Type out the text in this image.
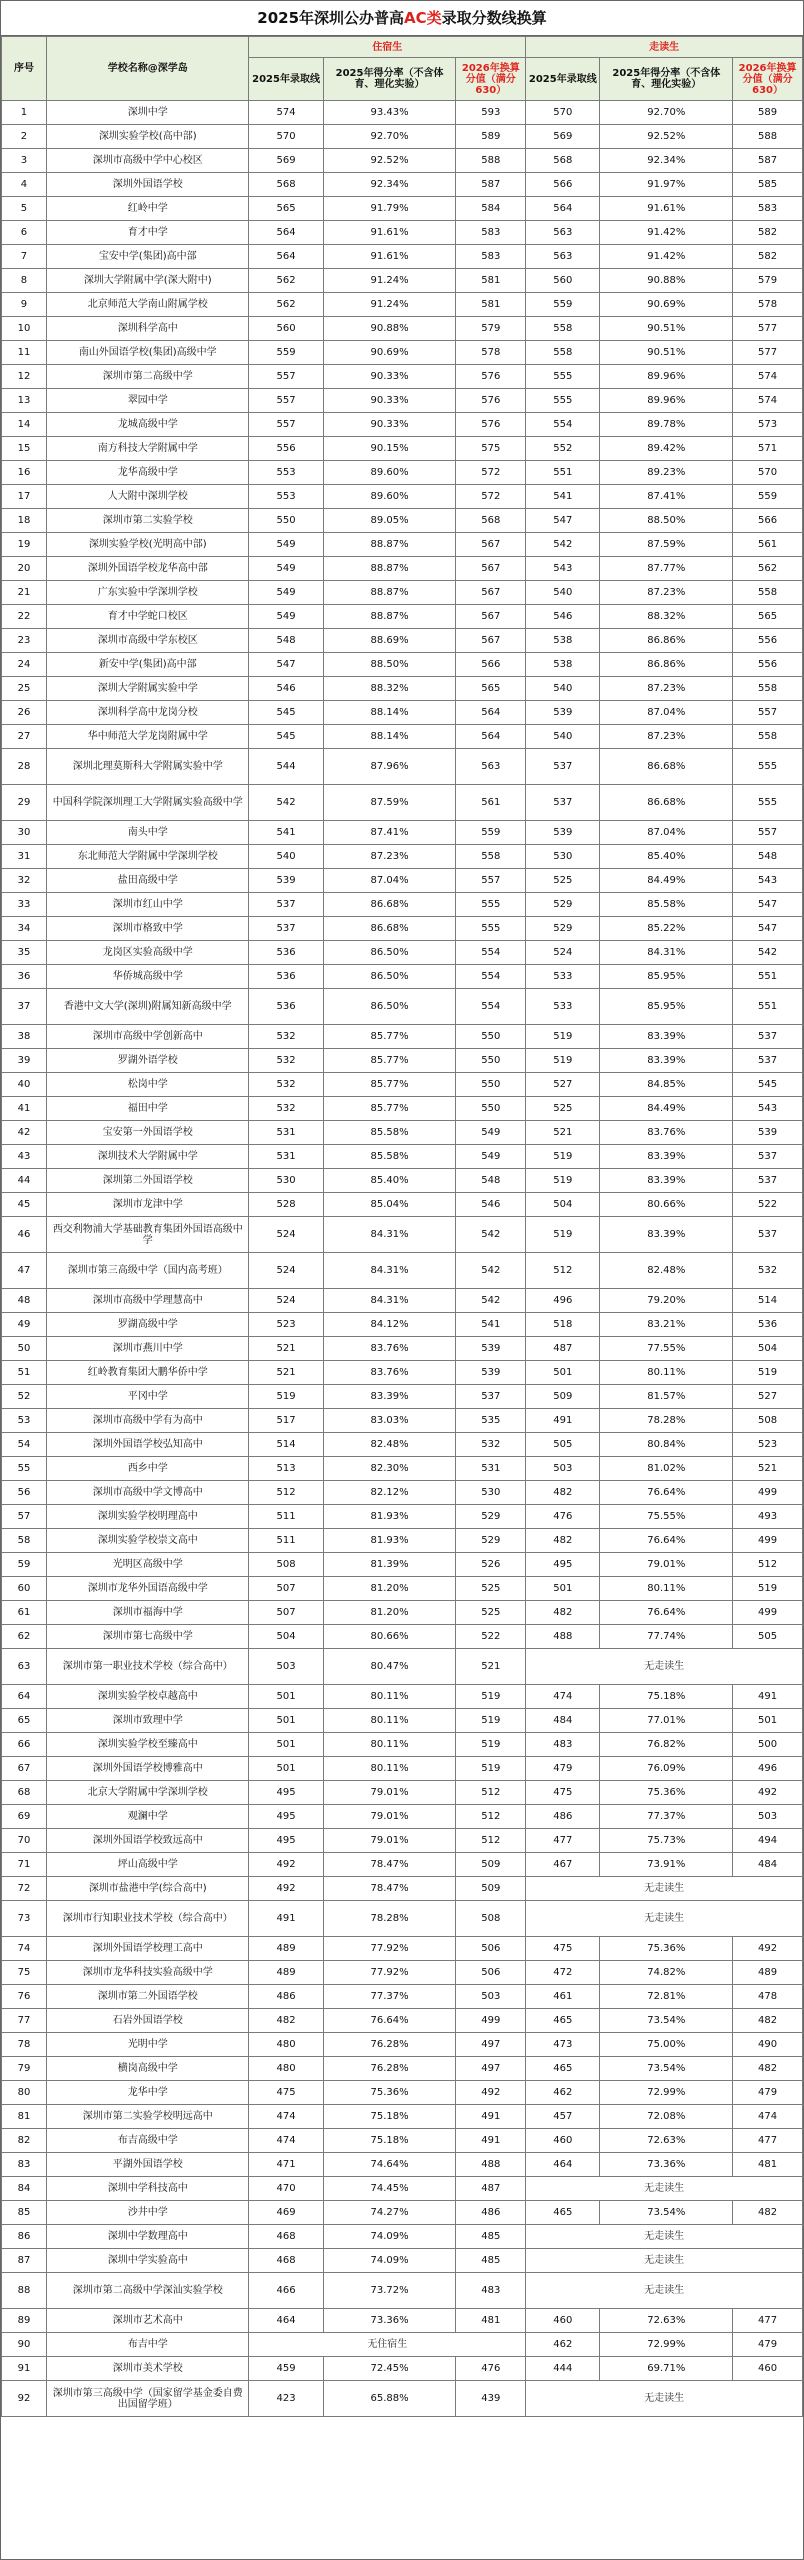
2025年深圳公办普高AC类录取分数线换算
序号	学校名称@深学岛	住宿生			走读生		
		2025年录取线	2025年得分率（不含体育、理化实验）	2026年换算分值（满分630）	2025年录取线	2025年得分率（不含体育、理化实验）	2026年换算分值（满分630）
1	深圳中学	574	93.43%	593	570	92.70%	589
2	深圳实验学校(高中部)	570	92.70%	589	569	92.52%	588
3	深圳市高级中学中心校区	569	92.52%	588	568	92.34%	587
4	深圳外国语学校	568	92.34%	587	566	91.97%	585
5	红岭中学	565	91.79%	584	564	91.61%	583
6	育才中学	564	91.61%	583	563	91.42%	582
7	宝安中学(集团)高中部	564	91.61%	583	563	91.42%	582
8	深圳大学附属中学(深大附中)	562	91.24%	581	560	90.88%	579
9	北京师范大学南山附属学校	562	91.24%	581	559	90.69%	578
10	深圳科学高中	560	90.88%	579	558	90.51%	577
11	南山外国语学校(集团)高级中学	559	90.69%	578	558	90.51%	577
12	深圳市第二高级中学	557	90.33%	576	555	89.96%	574
13	翠园中学	557	90.33%	576	555	89.96%	574
14	龙城高级中学	557	90.33%	576	554	89.78%	573
15	南方科技大学附属中学	556	90.15%	575	552	89.42%	571
16	龙华高级中学	553	89.60%	572	551	89.23%	570
17	人大附中深圳学校	553	89.60%	572	541	87.41%	559
18	深圳市第二实验学校	550	89.05%	568	547	88.50%	566
19	深圳实验学校(光明高中部)	549	88.87%	567	542	87.59%	561
20	深圳外国语学校龙华高中部	549	88.87%	567	543	87.77%	562
21	广东实验中学深圳学校	549	88.87%	567	540	87.23%	558
22	育才中学蛇口校区	549	88.87%	567	546	88.32%	565
23	深圳市高级中学东校区	548	88.69%	567	538	86.86%	556
24	新安中学(集团)高中部	547	88.50%	566	538	86.86%	556
25	深圳大学附属实验中学	546	88.32%	565	540	87.23%	558
26	深圳科学高中龙岗分校	545	88.14%	564	539	87.04%	557
27	华中师范大学龙岗附属中学	545	88.14%	564	540	87.23%	558
28	深圳北理莫斯科大学附属实验中学	544	87.96%	563	537	86.68%	555
29	中国科学院深圳理工大学附属实验高级中学	542	87.59%	561	537	86.68%	555
30	南头中学	541	87.41%	559	539	87.04%	557
31	东北师范大学附属中学深圳学校	540	87.23%	558	530	85.40%	548
32	盐田高级中学	539	87.04%	557	525	84.49%	543
33	深圳市红山中学	537	86.68%	555	529	85.58%	547
34	深圳市格致中学	537	86.68%	555	529	85.22%	547
35	龙岗区实验高级中学	536	86.50%	554	524	84.31%	542
36	华侨城高级中学	536	86.50%	554	533	85.95%	551
37	香港中文大学(深圳)附属知新高级中学	536	86.50%	554	533	85.95%	551
38	深圳市高级中学创新高中	532	85.77%	550	519	83.39%	537
39	罗湖外语学校	532	85.77%	550	519	83.39%	537
40	松岗中学	532	85.77%	550	527	84.85%	545
41	福田中学	532	85.77%	550	525	84.49%	543
42	宝安第一外国语学校	531	85.58%	549	521	83.76%	539
43	深圳技术大学附属中学	531	85.58%	549	519	83.39%	537
44	深圳第二外国语学校	530	85.40%	548	519	83.39%	537
45	深圳市龙津中学	528	85.04%	546	504	80.66%	522
46	西交利物浦大学基础教育集团外国语高级中学	524	84.31%	542	519	83.39%	537
47	深圳市第三高级中学（国内高考班）	524	84.31%	542	512	82.48%	532
48	深圳市高级中学理慧高中	524	84.31%	542	496	79.20%	514
49	罗湖高级中学	523	84.12%	541	518	83.21%	536
50	深圳市燕川中学	521	83.76%	539	487	77.55%	504
51	红岭教育集团大鹏华侨中学	521	83.76%	539	501	80.11%	519
52	平冈中学	519	83.39%	537	509	81.57%	527
53	深圳市高级中学有为高中	517	83.03%	535	491	78.28%	508
54	深圳外国语学校弘知高中	514	82.48%	532	505	80.84%	523
55	西乡中学	513	82.30%	531	503	81.02%	521
56	深圳市高级中学文博高中	512	82.12%	530	482	76.64%	499
57	深圳实验学校明理高中	511	81.93%	529	476	75.55%	493
58	深圳实验学校崇文高中	511	81.93%	529	482	76.64%	499
59	光明区高级中学	508	81.39%	526	495	79.01%	512
60	深圳市龙华外国语高级中学	507	81.20%	525	501	80.11%	519
61	深圳市福海中学	507	81.20%	525	482	76.64%	499
62	深圳市第七高级中学	504	80.66%	522	488	77.74%	505
63	深圳市第一职业技术学校（综合高中）	503	80.47%	521	无走读生		
64	深圳实验学校卓越高中	501	80.11%	519	474	75.18%	491
65	深圳市致理中学	501	80.11%	519	484	77.01%	501
66	深圳实验学校至臻高中	501	80.11%	519	483	76.82%	500
67	深圳外国语学校博雅高中	501	80.11%	519	479	76.09%	496
68	北京大学附属中学深圳学校	495	79.01%	512	475	75.36%	492
69	观澜中学	495	79.01%	512	486	77.37%	503
70	深圳外国语学校致远高中	495	79.01%	512	477	75.73%	494
71	坪山高级中学	492	78.47%	509	467	73.91%	484
72	深圳市盐港中学(综合高中)	492	78.47%	509	无走读生		
73	深圳市行知职业技术学校（综合高中）	491	78.28%	508	无走读生		
74	深圳外国语学校理工高中	489	77.92%	506	475	75.36%	492
75	深圳市龙华科技实验高级中学	489	77.92%	506	472	74.82%	489
76	深圳市第二外国语学校	486	77.37%	503	461	72.81%	478
77	石岩外国语学校	482	76.64%	499	465	73.54%	482
78	光明中学	480	76.28%	497	473	75.00%	490
79	横岗高级中学	480	76.28%	497	465	73.54%	482
80	龙华中学	475	75.36%	492	462	72.99%	479
81	深圳市第二实验学校明远高中	474	75.18%	491	457	72.08%	474
82	布吉高级中学	474	75.18%	491	460	72.63%	477
83	平湖外国语学校	471	74.64%	488	464	73.36%	481
84	深圳中学科技高中	470	74.45%	487	无走读生		
85	沙井中学	469	74.27%	486	465	73.54%	482
86	深圳中学数理高中	468	74.09%	485	无走读生		
87	深圳中学实验高中	468	74.09%	485	无走读生		
88	深圳市第二高级中学深汕实验学校	466	73.72%	483	无走读生		
89	深圳市艺术高中	464	73.36%	481	460	72.63%	477
90	布吉中学	无住宿生			462	72.99%	479
91	深圳市美术学校	459	72.45%	476	444	69.71%	460
92	深圳市第三高级中学（国家留学基金委自费出国留学班）	423	65.88%	439	无走读生		
